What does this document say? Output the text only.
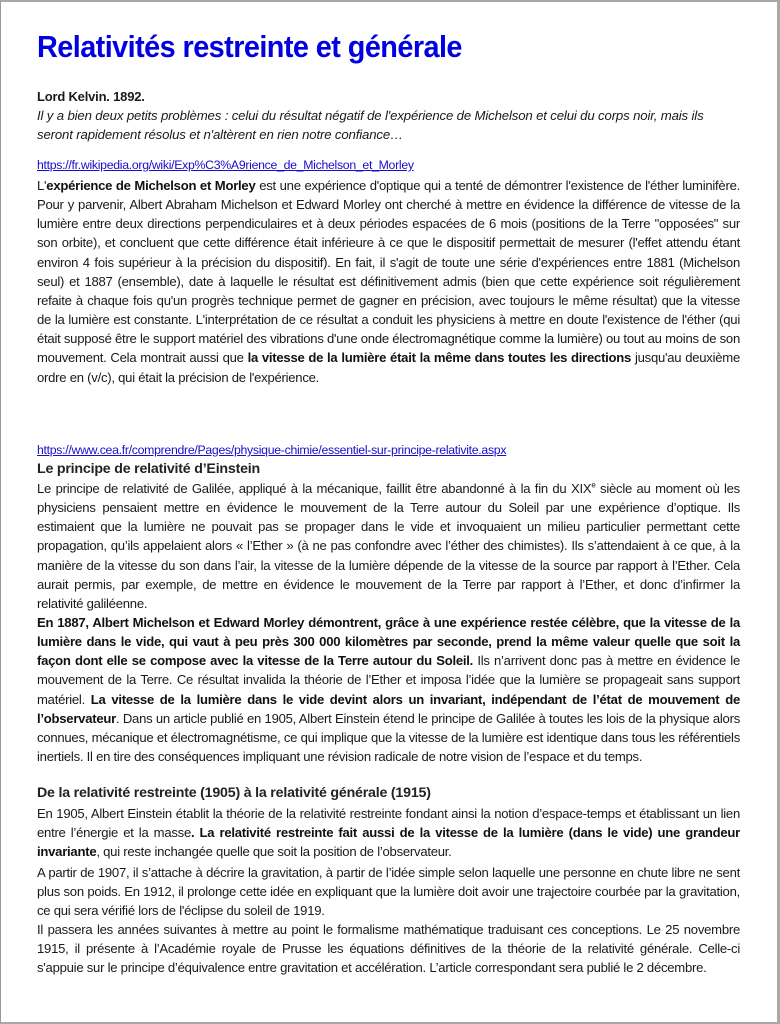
Relativités restreinte et générale
Lord Kelvin. 1892.
Il y a bien deux petits problèmes : celui du résultat négatif de l'expérience de Michelson et celui du corps noir, mais ils seront rapidement résolus et n'altèrent en rien notre confiance…
https://fr.wikipedia.org/wiki/Exp%C3%A9rience_de_Michelson_et_Morley
L'expérience de Michelson et Morley est une expérience d'optique qui a tenté de démontrer l'existence de l'éther luminifère. Pour y parvenir, Albert Abraham Michelson et Edward Morley ont cherché à mettre en évidence la différence de vitesse de la lumière entre deux directions perpendiculaires et à deux périodes espacées de 6 mois (positions de la Terre "opposées" sur son orbite), et concluent que cette différence était inférieure à ce que le dispositif permettait de mesurer (l'effet attendu étant environ 4 fois supérieur à la précision du dispositif). En fait, il s'agit de toute une série d'expériences entre 1881 (Michelson seul) et 1887 (ensemble), date à laquelle le résultat est définitivement admis (bien que cette expérience soit régulièrement refaite à chaque fois qu'un progrès technique permet de gagner en précision, avec toujours le même résultat) que la vitesse de la lumière est constante. L'interprétation de ce résultat a conduit les physiciens à mettre en doute l'existence de l'éther (qui était supposé être le support matériel des vibrations d'une onde électromagnétique comme la lumière) ou tout au moins de son mouvement. Cela montrait aussi que la vitesse de la lumière était la même dans toutes les directions jusqu'au deuxième ordre en (v/c), qui était la précision de l'expérience.
https://www.cea.fr/comprendre/Pages/physique-chimie/essentiel-sur-principe-relativite.aspx
Le principe de relativité d’Einstein
Le principe de relativité de Galilée, appliqué à la mécanique, faillit être abandonné à la fin du XIXe siècle au moment où les physiciens pensaient mettre en évidence le mouvement de la Terre autour du Soleil par une expérience d’optique. Ils estimaient que la lumière ne pouvait pas se propager dans le vide et invoquaient un milieu particulier permettant cette propagation, qu’ils appelaient alors « l’Ether » (à ne pas confondre avec l’éther des chimistes). Ils s’attendaient à ce que, à la manière de la vitesse du son dans l’air, la vitesse de la lumière dépende de la vitesse de la source par rapport à l’Ether. Cela aurait permis, par exemple, de mettre en évidence le mouvement de la Terre par rapport à l’Ether, et donc d’infirmer la relativité galiléenne.
En 1887, Albert Michelson et Edward Morley démontrent, grâce à une expérience restée célèbre, que la vitesse de la lumière dans le vide, qui vaut à peu près 300 000 kilomètres par seconde, prend la même valeur quelle que soit la façon dont elle se compose avec la vitesse de la Terre autour du Soleil. Ils n’arrivent donc pas à mettre en évidence le mouvement de la Terre. Ce résultat invalida la théorie de l’Ether et imposa l’idée que la lumière se propageait sans support matériel. La vitesse de la lumière dans le vide devint alors un invariant, indépendant de l’état de mouvement de l’observateur. Dans un article publié en 1905, Albert Einstein étend le principe de Galilée à toutes les lois de la physique alors connues, mécanique et électromagnétisme, ce qui implique que la vitesse de la lumière est identique dans tous les référentiels inertiels. Il en tire des conséquences impliquant une révision radicale de notre vision de l’espace et du temps.
De la relativité restreinte (1905) à la relativité générale (1915)
En 1905, Albert Einstein établit la théorie de la relativité restreinte fondant ainsi la notion d’espace-temps et établissant un lien entre l’énergie et la masse. La relativité restreinte fait aussi de la vitesse de la lumière (dans le vide) une grandeur invariante, qui reste inchangée quelle que soit la position de l’observateur.
A partir de 1907, il s’attache à décrire la gravitation, à partir de l’idée simple selon laquelle une personne en chute libre ne sent plus son poids. En 1912, il prolonge cette idée en expliquant que la lumière doit avoir une trajectoire courbée par la gravitation, ce qui sera vérifié lors de l'éclipse du soleil de 1919.
Il passera les années suivantes à mettre au point le formalisme mathématique traduisant ces conceptions. Le 25 novembre 1915, il présente à l’Académie royale de Prusse les équations définitives de la théorie de la relativité générale. Celle-ci s'appuie sur le principe d’équivalence entre gravitation et accélération. L’article correspondant sera publié le 2 décembre.
